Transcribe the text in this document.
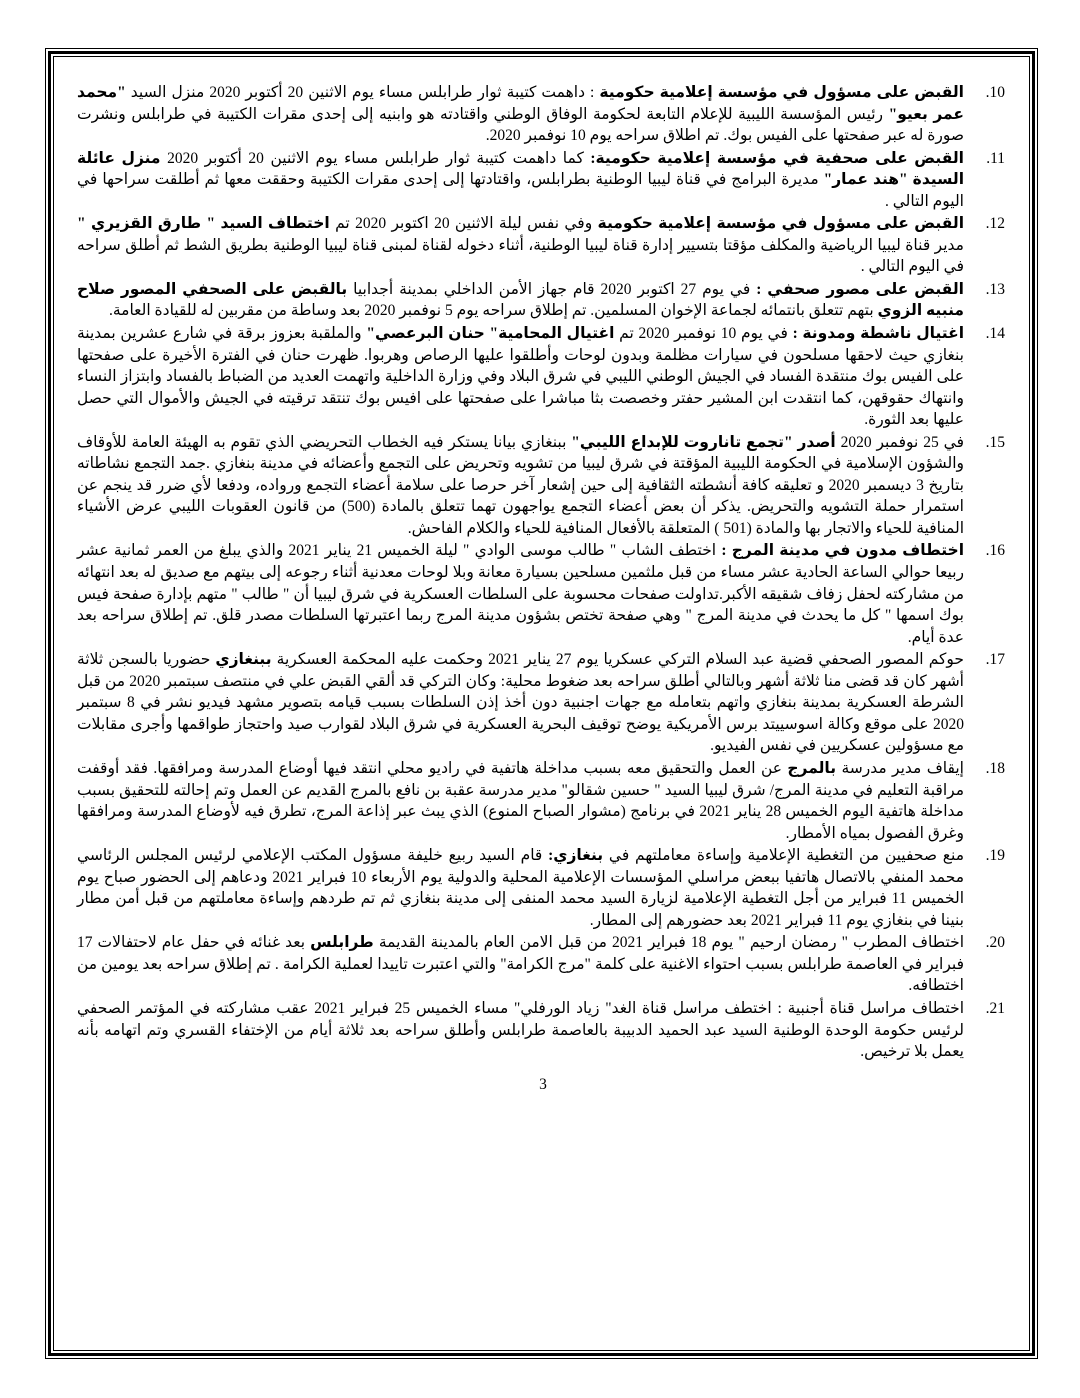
10.
القبض على مسؤول في مؤسسة إعلامية حكومية : داهمت كتيبة ثوار طرابلس مساء يوم الاثنين 20 أكتوبر 2020 منزل السيد "محمد عمر بعيو" رئيس المؤسسة الليبية للإعلام التابعة لحكومة الوفاق الوطني واقتادته هو وابنيه إلى إحدى مقرات الكتيبة في طرابلس ونشرت صورة له عبر صفحتها على الفيس بوك. تم اطلاق سراحه يوم 10 نوفمبر 2020.
11.
القبض على صحفية في مؤسسة إعلامية حكومية: كما داهمت كتيبة ثوار طرابلس مساء يوم الاثنين 20 أكتوبر 2020 منزل عائلة السيدة "هند عمار" مديرة البرامج في قناة ليبيا الوطنية بطرابلس، واقتادتها إلى إحدى مقرات الكتيبة وحققت معها ثم أطلقت سراحها في اليوم التالي .
12.
القبض على مسؤول في مؤسسة إعلامية حكومية وفي نفس ليلة الاثنين 20 اكتوبر 2020 تم اختطاف السيد " طارق القزيري " مدير قناة ليبيا الرياضية والمكلف مؤقتا بتسيير إدارة قناة ليبيا الوطنية، أثناء دخوله لقناة لمبنى قناة ليبيا الوطنية بطريق الشط ثم أطلق سراحه في اليوم التالي .
13.
القبض على مصور صحفي : في يوم 27 اكتوبر 2020 قام جهاز الأمن الداخلي بمدينة أجدابيا بالقبض على الصحفي المصور صلاح منبيه الزوي بتهم تتعلق بانتمائه لجماعة الإخوان المسلمين. تم إطلاق سراحه يوم 5 نوفمبر 2020 بعد وساطة من مقربين له للقيادة العامة.
14.
اغتيال ناشطة ومدونة : في يوم 10 نوفمبر 2020 تم اغتيال المحامية" حنان البرعصي" والملقبة بعزوز برقة في شارع عشرين بمدينة بنغازي حيث لاحقها مسلحون في سيارات مظلمة وبدون لوحات وأطلقوا عليها الرصاص وهربوا. ظهرت حنان في الفترة الأخيرة على صفحتها على الفيس بوك منتقدة الفساد في الجيش الوطني الليبي في شرق البلاد وفي وزارة الداخلية واتهمت العديد من الضباط بالفساد وابتزاز النساء وانتهاك حقوقهن، كما انتقدت ابن المشير حفتر وخصصت بثا مباشرا على صفحتها على افيس بوك تنتقد ترقيته في الجيش والأموال التي حصل عليها بعد الثورة.
15.
في 25 نوفمبر 2020 أصدر "تجمع تاناروت للإبداع الليبي" ببنغازي بيانا يستكر فيه الخطاب التحريضي الذي تقوم به الهيئة العامة للأوقاف والشؤون الإسلامية في الحكومة الليبية المؤقتة في شرق ليبيا من تشويه وتحريض على التجمع وأعضائه في مدينة بنغازي .جمد التجمع نشاطاته بتاريخ 3 ديسمبر 2020 و تعليقه كافة أنشطته الثقافية إلى حين إشعار آخر حرصا على سلامة أعضاء التجمع ورواده، ودفعا لأي ضرر قد ينجم عن استمرار حملة التشويه والتحريض. يذكر أن بعض أعضاء التجمع يواجهون تهما تتعلق بالمادة (500) من قانون العقوبات الليبي عرض الأشياء المنافية للحياء والاتجار بها والمادة (501 ) المتعلقة بالأفعال المنافية للحياء والكلام الفاحش.
16.
اختطاف مدون في مدينة المرج : اختطف الشاب " طالب موسى الوادي " ليلة الخميس 21 يناير 2021 والذي يبلغ من العمر ثمانية عشر ربيعا حوالي الساعة الحادية عشر مساء من قبل ملثمين مسلحين بسيارة معانة وبلا لوحات معدنية أثناء رجوعه إلى بيتهم مع صديق له بعد انتهائه من مشاركته لحفل زفاف شقيقه الأكبر.تداولت صفحات محسوبة على السلطات العسكرية في شرق ليبيا أن " طالب " متهم بإدارة صفحة فيس بوك اسمها " كل ما يحدث في مدينة المرج " وهي صفحة تختص بشؤون مدينة المرج ربما اعتبرتها السلطات مصدر قلق. تم إطلاق سراحه بعد عدة أيام.
17.
حوكم المصور الصحفي قضية عبد السلام التركي عسكريا يوم 27 يناير 2021 وحكمت عليه المحكمة العسكرية ببنغازي حضوريا بالسجن ثلاثة أشهر كان قد قضى منا ثلاثة أشهر وبالتالي أطلق سراحه بعد ضغوط محلية: وكان التركي قد ألقي القبض علي في منتصف سبتمبر 2020 من قبل الشرطة العسكرية بمدينة بنغازي واتهم بتعامله مع جهات اجنبية دون أخذ إذن السلطات بسبب قيامه بتصوير مشهد فيديو نشر في 8 سبتمبر 2020 على موقع وكالة اسوسييتد برس الأمريكية يوضح توقيف البحرية العسكرية في شرق البلاد لقوارب صيد واحتجاز طواقمها وأجرى مقابلات مع مسؤولين عسكريين في نفس الفيديو.
18.
إيقاف مدير مدرسة بالمرج عن العمل والتحقيق معه بسبب مداخلة هاتفية في راديو محلي انتقد فيها أوضاع المدرسة ومرافقها. فقد أوقفت مراقبة التعليم في مدينة المرج/ شرق ليبيا السيد " حسين شقالو" مدير مدرسة عقبة بن نافع بالمرج القديم عن العمل وتم إحالته للتحقيق بسبب مداخلة هاتفية اليوم الخميس 28 يناير 2021 في برنامج (مشوار الصباح المنوع) الذي يبث عبر إذاعة المرج، تطرق فيه لأوضاع المدرسة ومرافقها وغرق الفصول بمياه الأمطار.
19.
منع صحفيين من التغطية الإعلامية وإساءة معاملتهم في بنغازي: قام السيد ربيع خليفة مسؤول المكتب الإعلامي لرئيس المجلس الرئاسي محمد المنفي بالاتصال هاتفيا ببعض مراسلي المؤسسات الإعلامية المحلية والدولية يوم الأربعاء 10 فبراير 2021 ودعاهم إلى الحضور صباح يوم الخميس 11 فبراير من أجل التغطية الإعلامية لزيارة السيد محمد المنفى إلى مدينة بنغازي ثم تم طردهم وإساءة معاملتهم من قبل أمن مطار بنينا في بنغازي يوم 11 فبراير 2021 بعد حضورهم إلى المطار.
20.
اختطاف المطرب " رمضان ارحيم " يوم 18 فبراير 2021 من قبل الامن العام بالمدينة القديمة طرابلس بعد غنائه في حفل عام لاحتفالات 17 فبراير في العاصمة طرابلس بسبب احتواء الاغنية على كلمة "مرج الكرامة" والتي اعتبرت تاييدا لعملية الكرامة . تم إطلاق سراحه بعد يومين من اختطافه.
21.
اختطاف مراسل قناة أجنبية : اختطف مراسل قناة الغد" زياد الورفلي" مساء الخميس 25 فبراير 2021 عقب مشاركته في المؤتمر الصحفي لرئيس حكومة الوحدة الوطنية السيد عبد الحميد الدبيبة بالعاصمة طرابلس وأطلق سراحه بعد ثلاثة أيام من الإختفاء القسري وتم اتهامه بأنه يعمل بلا ترخيص.
3
